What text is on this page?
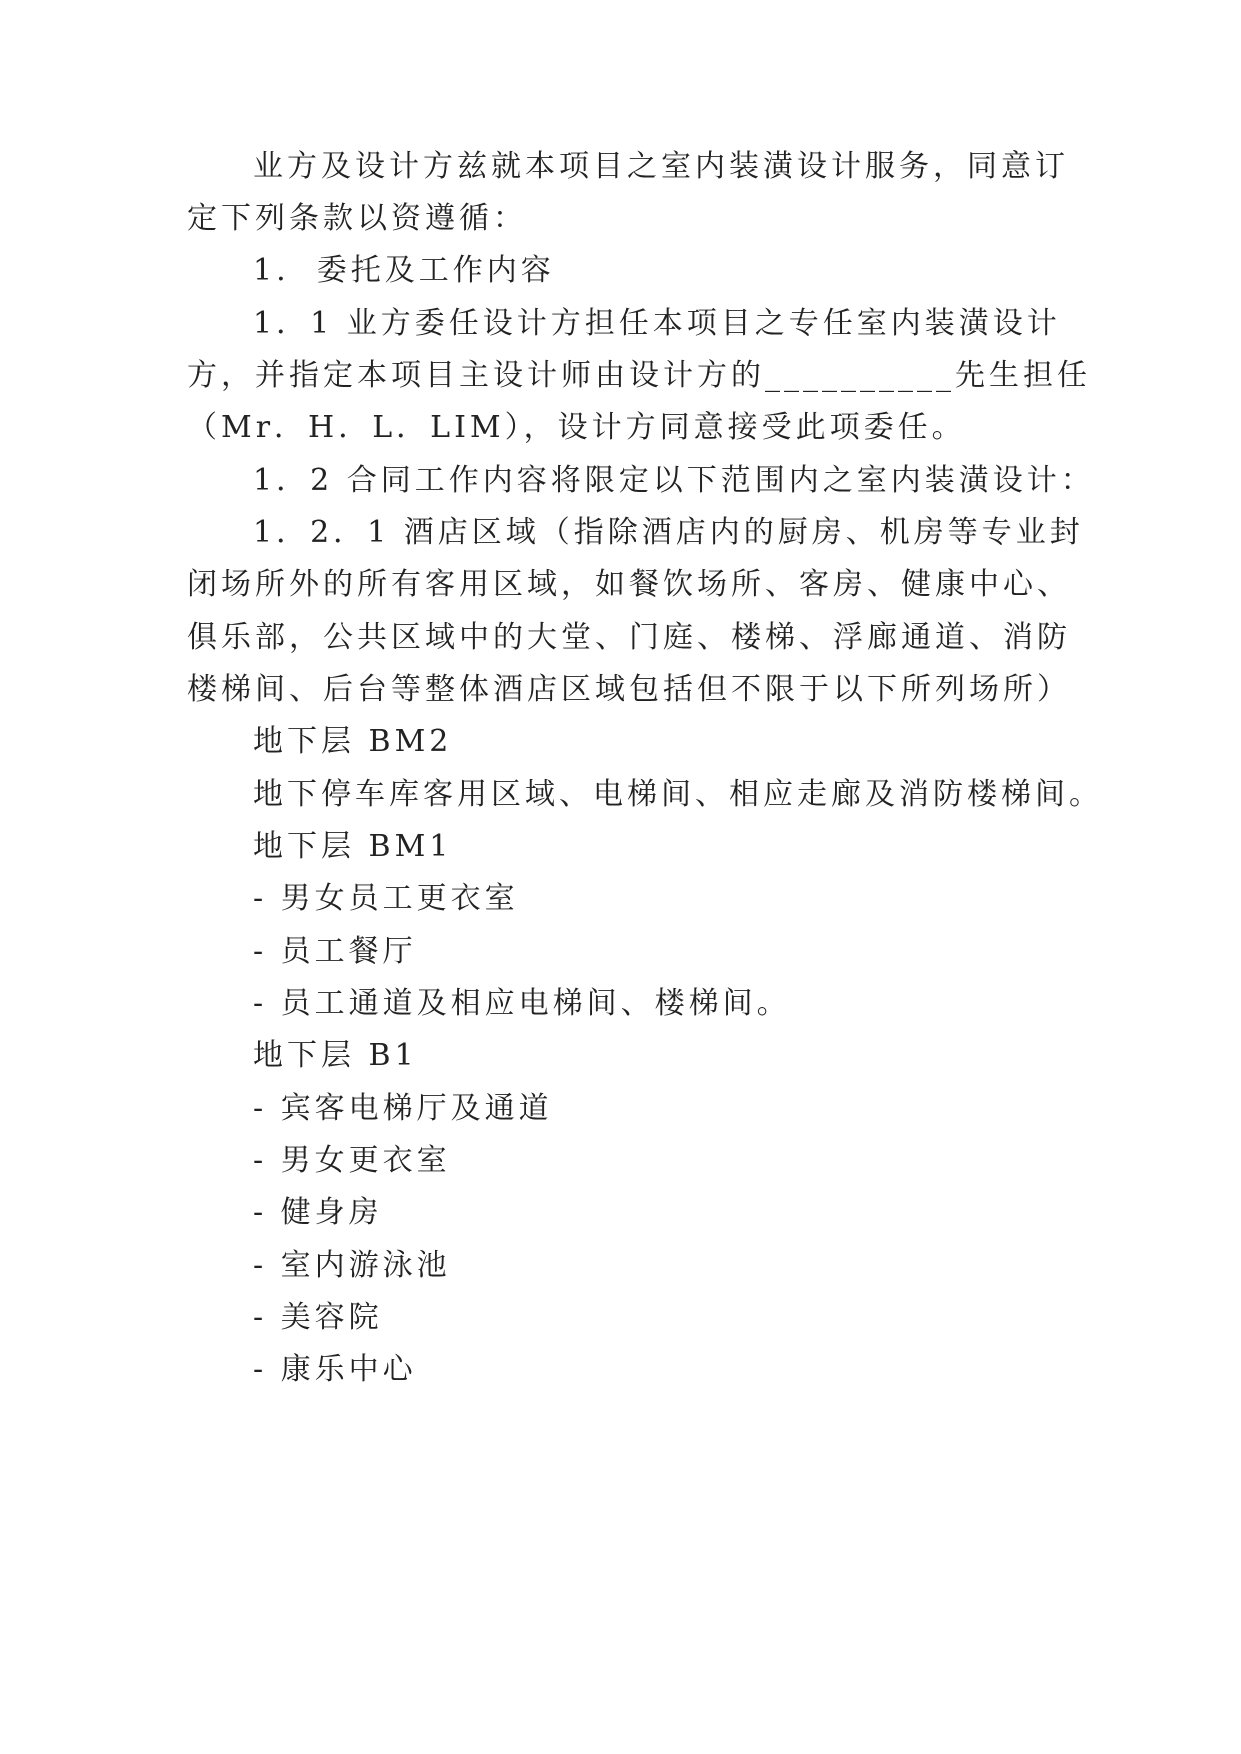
业方及设计方兹就本项目之室内装潢设计服务，同意订
定下列条款以资遵循：
1.  委托及工作内容
1．1 业方委任设计方担任本项目之专任室内装潢设计
方，并指定本项目主设计师由设计方的__________先生担任
（Mr．H．L．LIM），设计方同意接受此项委任。
1．2 合同工作内容将限定以下范围内之室内装潢设计：
1．2．1 酒店区域（指除酒店内的厨房、机房等专业封
闭场所外的所有客用区域，如餐饮场所、客房、健康中心、
俱乐部，公共区域中的大堂、门庭、楼梯、浮廊通道、消防
楼梯间、后台等整体酒店区域包括但不限于以下所列场所）
地下层 BM2
地下停车库客用区域、电梯间、相应走廊及消防楼梯间。
地下层 BM1
- 男女员工更衣室
- 员工餐厅
- 员工通道及相应电梯间、楼梯间。
地下层 B1
- 宾客电梯厅及通道
- 男女更衣室
- 健身房
- 室内游泳池
- 美容院
- 康乐中心
